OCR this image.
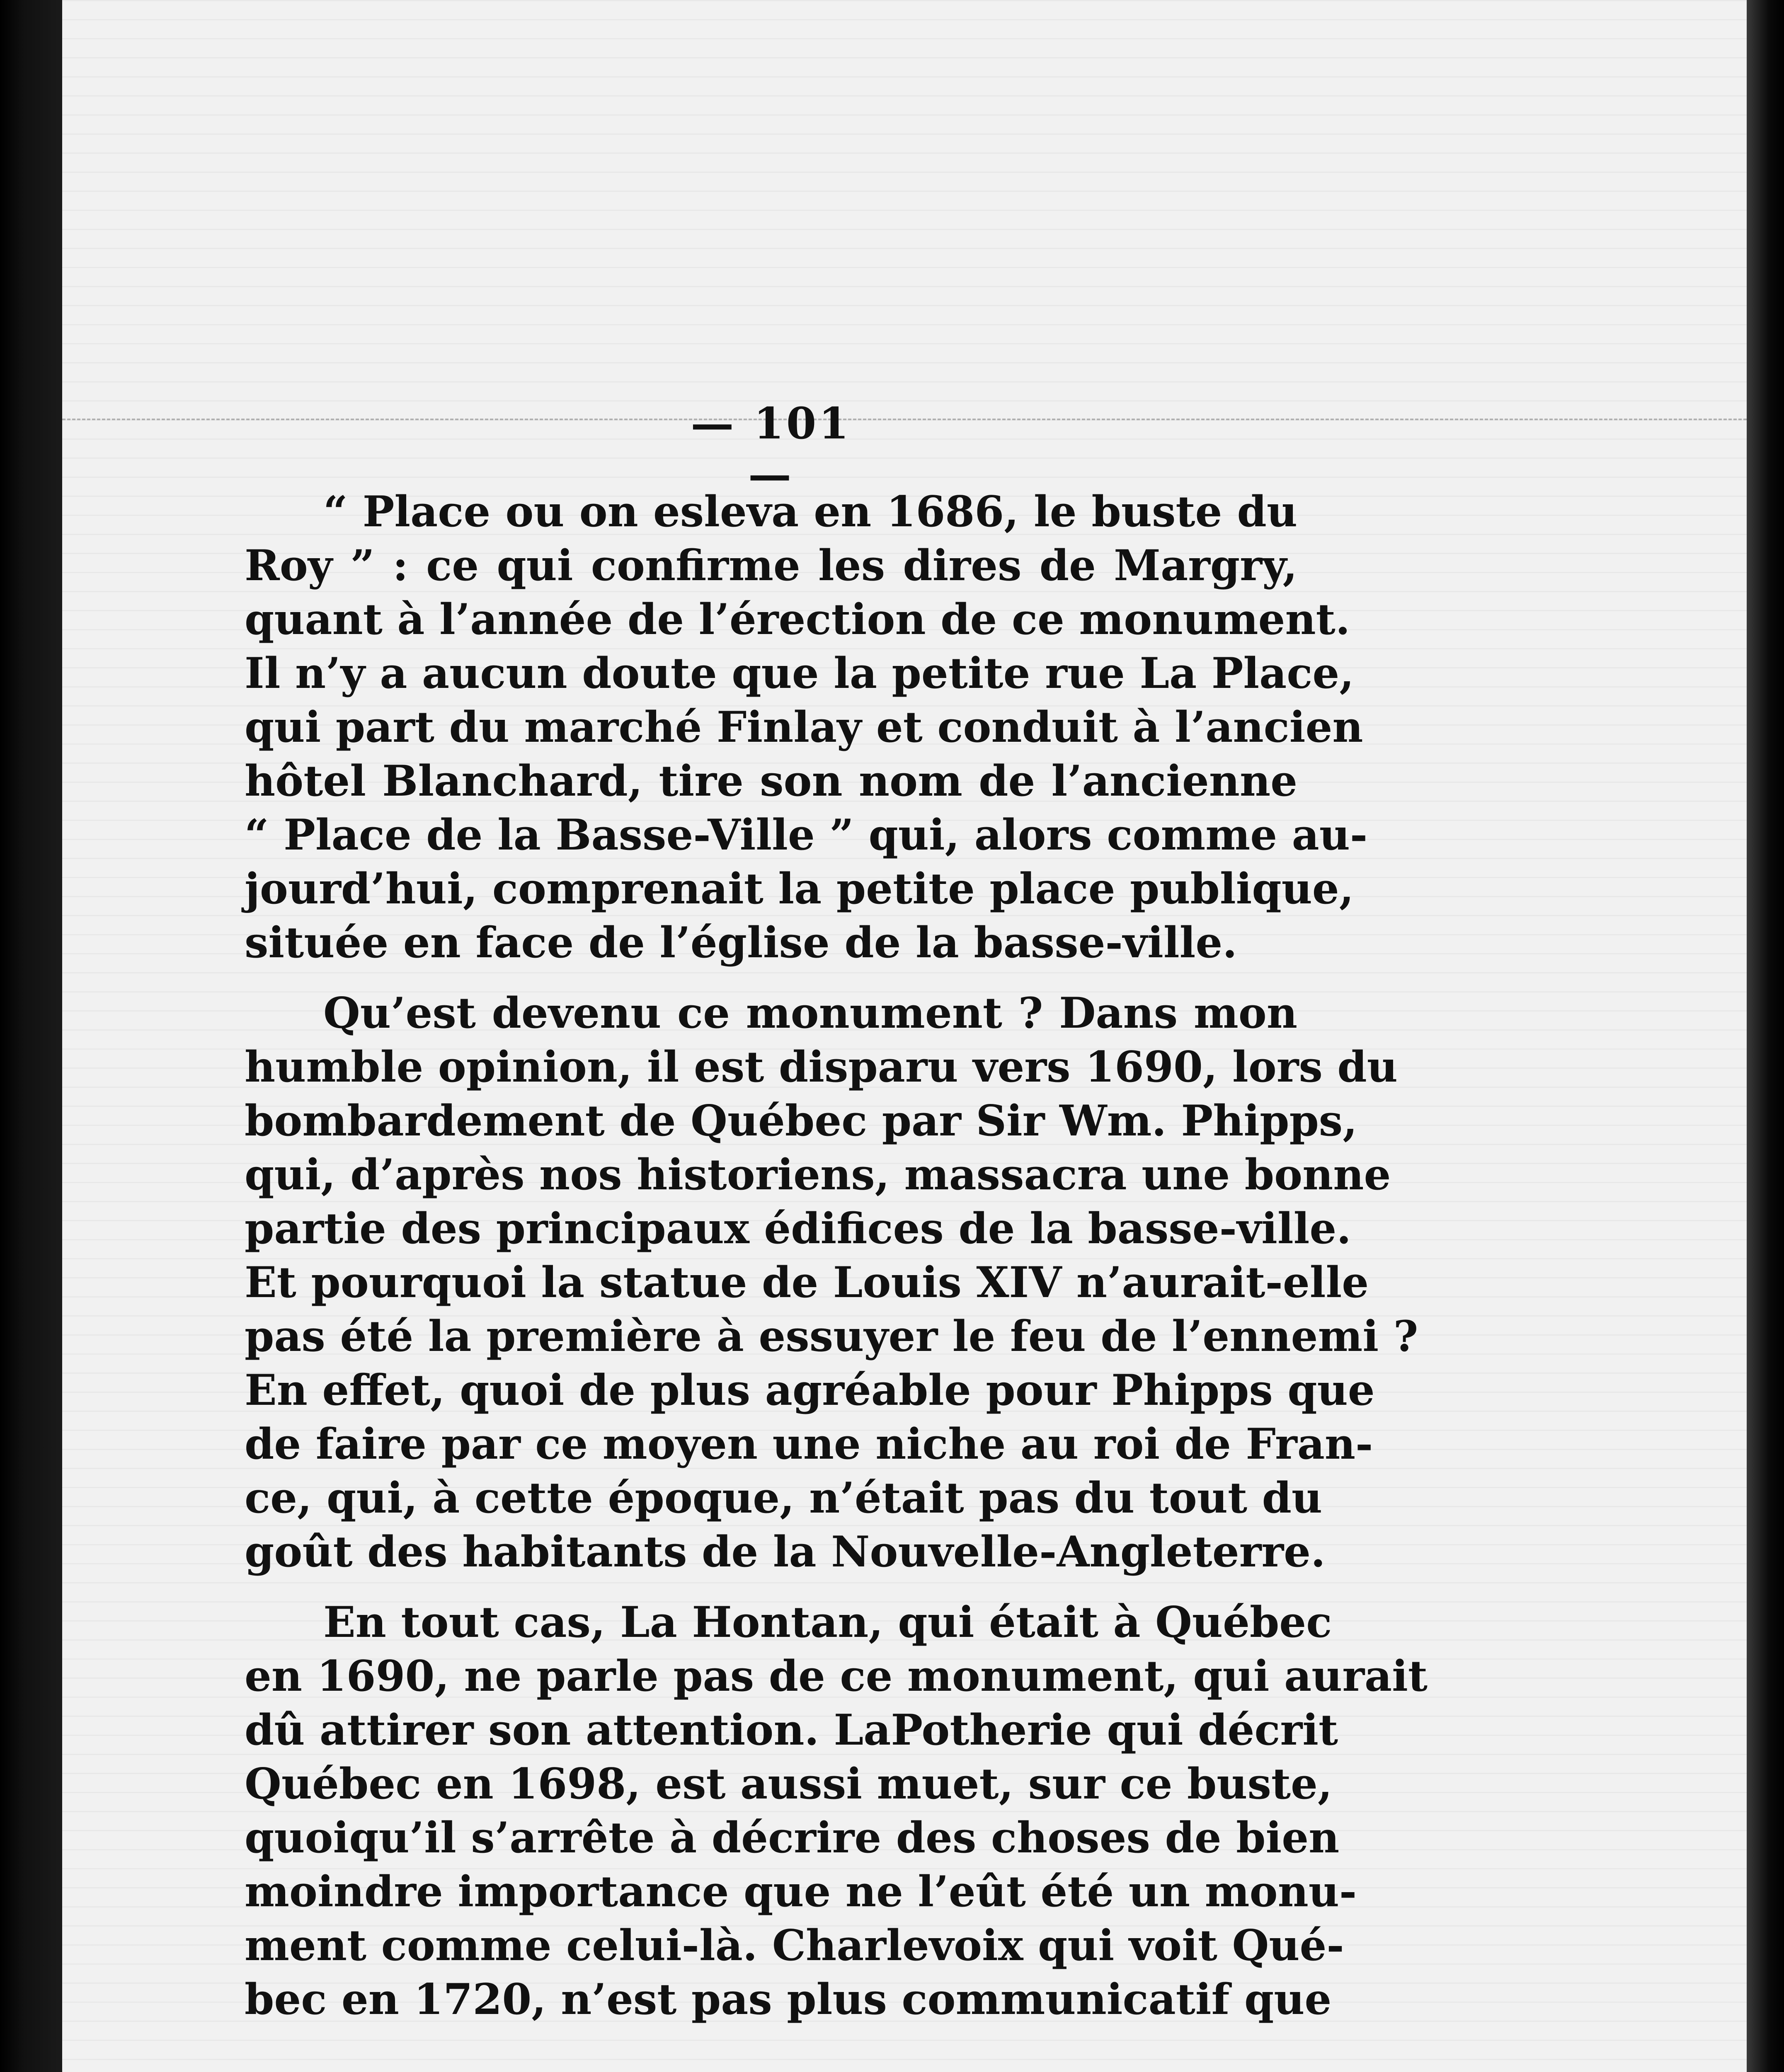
— 101 —
“ Place ou on esleva en 1686, le buste du
Roy ” : ce qui confirme les dires de Margry,
quant à l’année de l’érection de ce monument.
Il n’y a aucun doute que la petite rue La Place,
qui part du marché Finlay et conduit à l’ancien
hôtel Blanchard, tire son nom de l’ancienne
“ Place de la Basse-Ville ” qui, alors comme au-
jourd’hui, comprenait la petite place publique,
située en face de l’église de la basse-ville.
Qu’est devenu ce monument ? Dans mon
humble opinion, il est disparu vers 1690, lors du
bombardement de Québec par Sir Wm. Phipps,
qui, d’après nos historiens, massacra une bonne
partie des principaux édifices de la basse-ville.
Et pourquoi la statue de Louis XIV n’aurait-elle
pas été la première à essuyer le feu de l’ennemi ?
En effet, quoi de plus agréable pour Phipps que
de faire par ce moyen une niche au roi de Fran-
ce, qui, à cette époque, n’était pas du tout du
goût des habitants de la Nouvelle-Angleterre.
En tout cas, La Hontan, qui était à Québec
en 1690, ne parle pas de ce monument, qui aurait
dû attirer son attention. LaPotherie qui décrit
Québec en 1698, est aussi muet, sur ce buste,
quoiqu’il s’arrête à décrire des choses de bien
moindre importance que ne l’eût été un monu-
ment comme celui-là. Charlevoix qui voit Qué-
bec en 1720, n’est pas plus communicatif que
